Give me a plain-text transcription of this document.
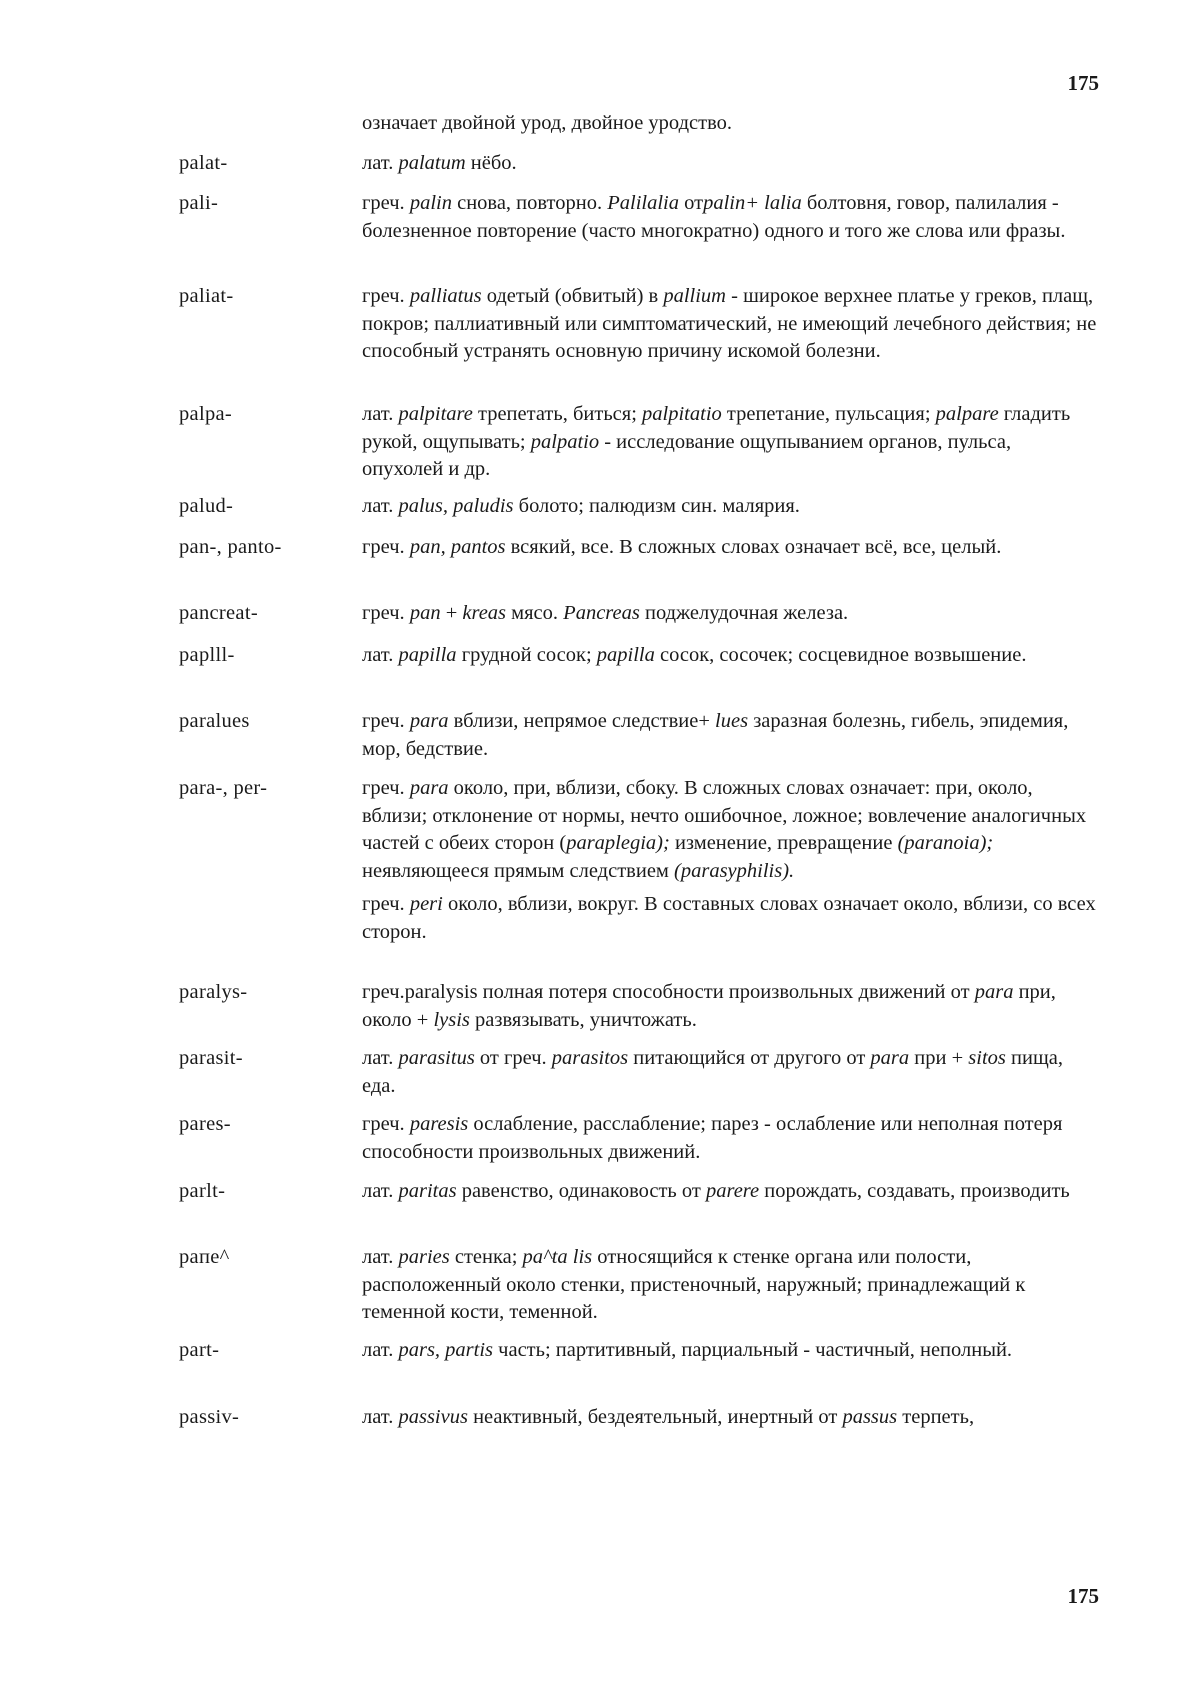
175

означает двойной урод, двойное уродство.

palat-	лат. palatum нёбо.

pali-	греч. palin снова, повторно. Palilalia отpalin+ lalia болтовня, говор, палилалия - болезненное повторение (часто многократно) одного и того же слова или фразы.

paliat-	греч. palliatus одетый (обвитый) в pallium - широкое верхнее платье у греков, плащ, покров; паллиативный или симптоматический, не имеющий лечебного действия; не способный устранять основную причину искомой болезни.

palpa-	лат. palpitare трепетать, биться; palpitatio трепетание, пульсация; palpare гладить рукой, ощупывать; palpatio - исследование ощупыванием органов, пульса, опухолей и др.

palud-	лат. palus, paludis болото; палюдизм син. малярия.

pan-, panto-	греч. pan, pantos всякий, все. В сложных словах означает всё, все, целый.

pancreat-	греч. pan + kreas мясо. Pancreas поджелудочная железа.

paplll-	лат. papilla грудной сосок; papilla сосок, сосочек; сосцевидное возвышение.

paralues	греч. para вблизи, непрямое следствие+ lues заразная болезнь, гибель, эпидемия, мор, бедствие.

para-, per-	греч. para около, при, вблизи, сбоку. В сложных словах означает: при, около, вблизи; отклонение от нормы, нечто ошибочное, ложное; вовлечение аналогичных частей с обеих сторон (paraplegia); изменение, превращение (paranoia); неявляющееся прямым следствием (parasyphilis).

греч. peri около, вблизи, вокруг. В составных словах означает около, вблизи, со всех сторон.

paralys-	греч.paralysis полная потеря способности произвольных движений от para при, около + lysis развязывать, уничтожать.

parasit-	лат. parasitus от греч. parasitos питающийся от другого от para при + sitos пища, еда.

pares-	греч. paresis ослабление, расслабление; парез - ослабление или неполная потеря способности произвольных движений.

parlt-	лат. paritas равенство, одинаковость от parere порождать, создавать, производить

paпe^	лат. paries стенка; pa^ta lis относящийся к стенке органа или полости, расположенный около стенки, пристеночный, наружный; принадлежащий к теменной кости, теменной.

part-	лат. pars, partis часть; партитивный, парциальный - частичный, неполный.

passiv-	лат. passivus неактивный, бездеятельный, инертный от passus терпеть,

175
